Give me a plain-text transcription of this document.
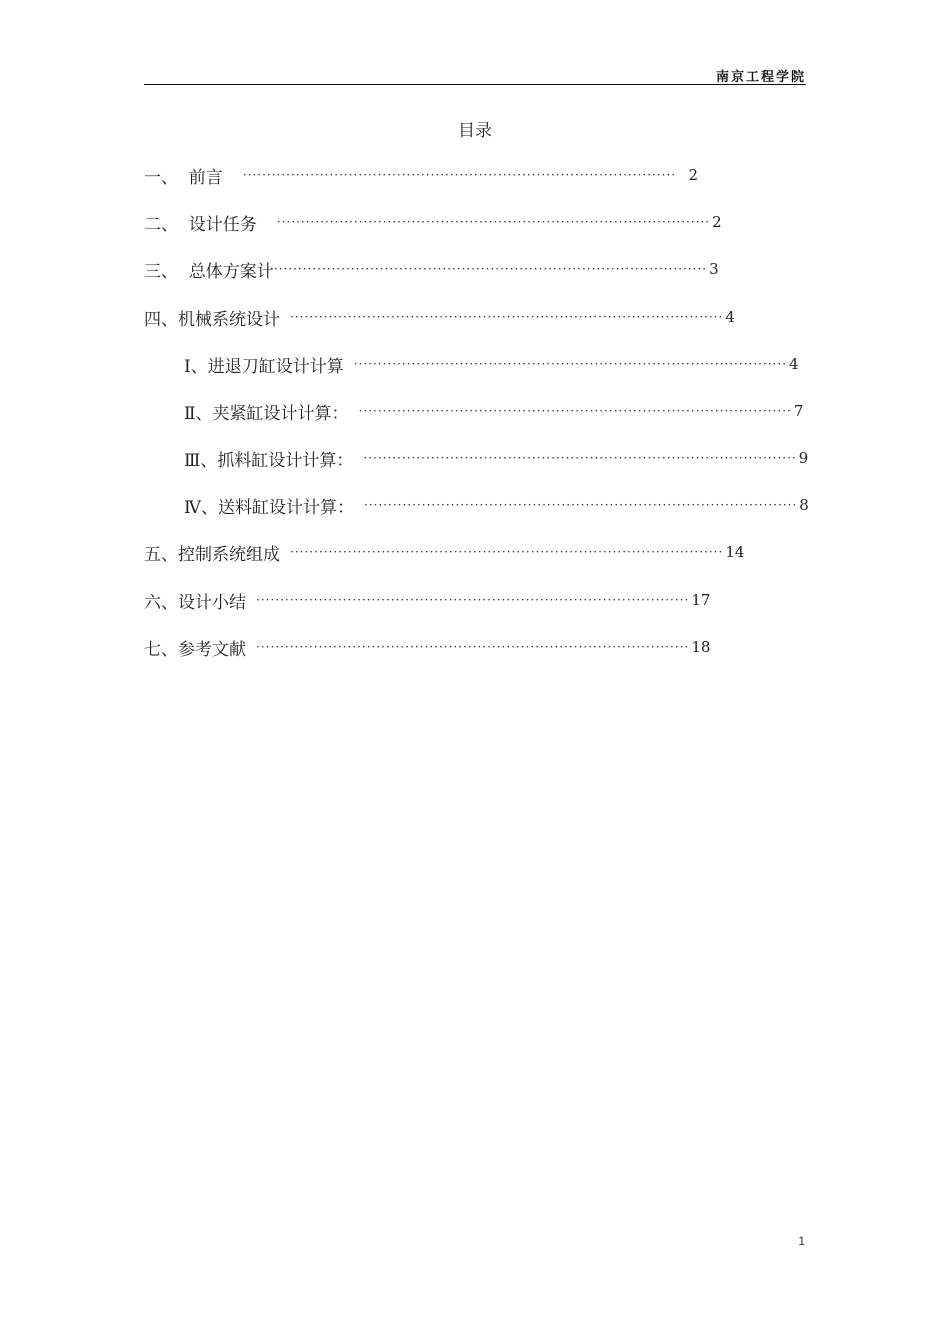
南京工程学院
目录
一、  前言 ·························································································· 2
二、  设计任务 ·························································································· 2
三、  总体方案计 ·························································································· 3
四、机械系统设计 ·························································································· 4
Ⅰ、进退刀缸设计计算 ·························································································· 4
Ⅱ、夹紧缸设计计算： ·························································································· 7
Ⅲ、抓料缸设计计算： ·························································································· 9
Ⅳ、送料缸设计计算： ·························································································· 8
五、控制系统组成 ·························································································· 14
六、设计小结 ·························································································· 17
七、参考文献 ·························································································· 18
1
